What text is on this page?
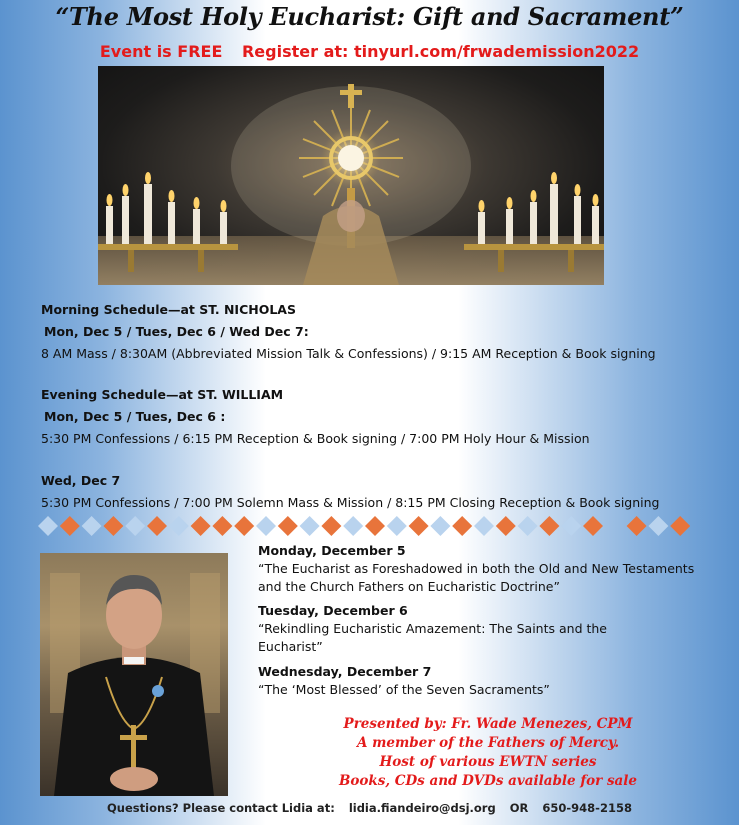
“The Most Holy Eucharist: Gift and Sacrament”
Event is FREE Register at: tinyurl.com/frwademission2022
Morning Schedule—at ST. NICHOLAS
Mon, Dec 5 / Tues, Dec 6 / Wed Dec 7:
8 AM Mass / 8:30AM (Abbreviated Mission Talk & Confessions) / 9:15 AM Reception & Book signing
Evening Schedule—at ST. WILLIAM
Mon, Dec 5 / Tues, Dec 6 :
5:30 PM Confessions / 6:15 PM Reception & Book signing / 7:00 PM Holy Hour & Mission
Wed, Dec 7
5:30 PM Confessions / 7:00 PM Solemn Mass & Mission / 8:15 PM Closing Reception & Book signing
Monday, December 5
“The Eucharist as Foreshadowed in both the Old and New Testaments and the Church Fathers on Eucharistic Doctrine”
Tuesday, December 6
“Rekindling Eucharistic Amazement: The Saints and the Eucharist”
Wednesday, December 7
“The ‘Most Blessed’ of the Seven Sacraments”
Presented by: Fr. Wade Menezes, CPM
A member of the Fathers of Mercy.
Host of various EWTN series
Books, CDs and DVDs available for sale
Questions? Please contact Lidia at: lidia.fiandeiro@dsj.org OR 650-948-2158
